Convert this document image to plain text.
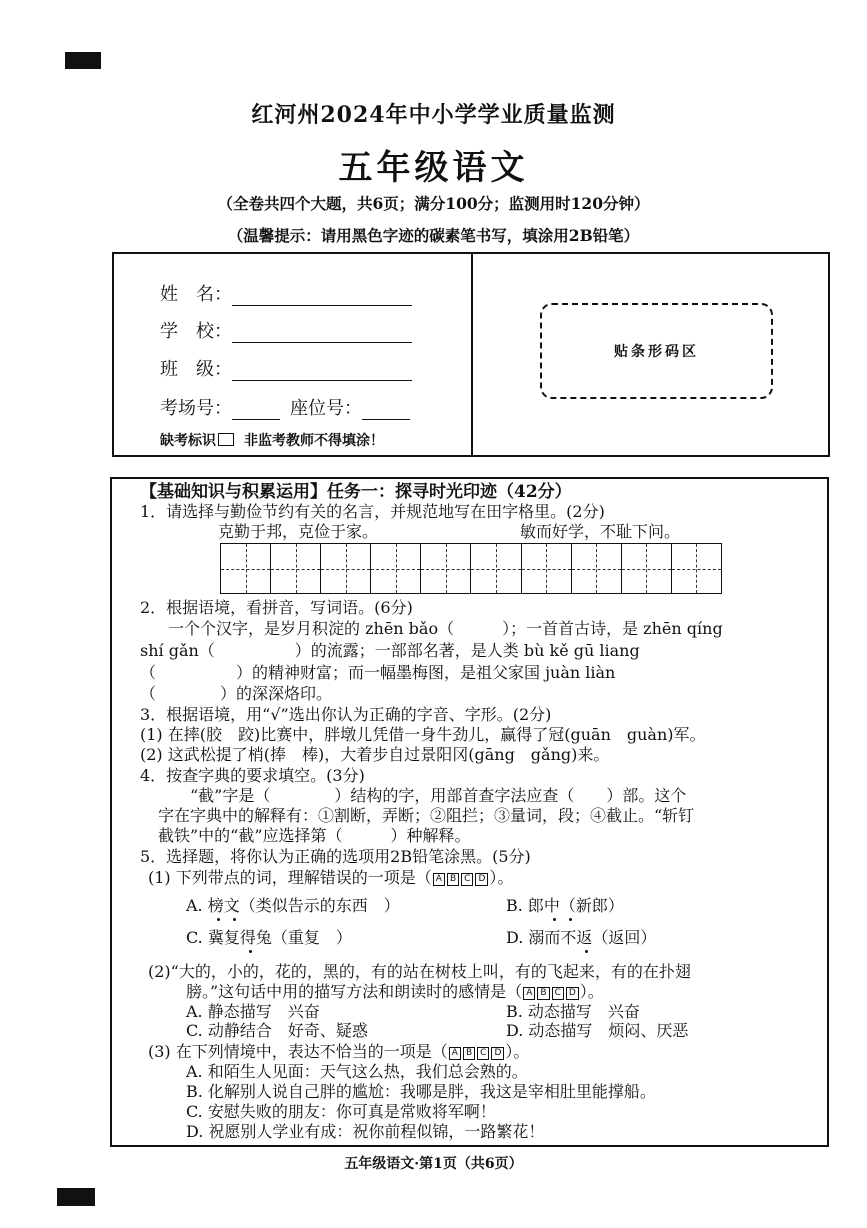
红河州2024年中小学学业质量监测
五年级语文
（全卷共四个大题，共6页；满分100分；监测用时120分钟）
（温馨提示：请用黑色字迹的碳素笔书写，填涂用2B铅笔）
姓　名：
学　校：
班　级：
考场号：	座位号：
缺考标识 非监考教师不得填涂！
贴条形码区
【基础知识与积累运用】任务一：探寻时光印迹（42分）
1．请选择与勤俭节约有关的名言，并规范地写在田字格里。(2分)
克勤于邦，克俭于家。	敏而好学，不耻下问。
2．根据语境，看拼音，写词语。(6分)
一个个汉字，是岁月积淀的 zhēn bǎo（　　　）；一首首古诗，是 zhēn qíng
shí gǎn（　　　　　）的流露；一部部名著，是人类 bù kě gū liang
（　　　　　）的精神财富；而一幅墨梅图，是祖父家国 juàn liàn
（　　　　）的深深烙印。
3．根据语境，用“√”选出你认为正确的字音、字形。(2分)
(1) 在摔(胶　跤)比赛中，胖墩儿凭借一身牛劲儿，赢得了冠(guān　guàn)军。
(2) 这武松提了梢(捧　棒)，大着步自过景阳冈(gāng　gǎng)来。
4．按查字典的要求填空。(3分)
“截”字是（　　　　）结构的字，用部首查字法应查（　　）部。这个
字在字典中的解释有：①割断，弄断；②阻拦；③量词，段；④截止。“斩钉
截铁”中的“截”应选择第（　　　）种解释。
5．选择题，将你认为正确的选项用2B铅笔涂黑。(5分)
(1) 下列带点的词，理解错误的一项是（ A B C D ）。
A. 榜文（类似告示的东西　）	B. 郎中（新郎）
C. 冀复得兔（重复　）	D. 溺而不返（返回）
(2)“大的，小的，花的，黑的，有的站在树枝上叫，有的飞起来，有的在扑翅
膀。”这句话中用的描写方法和朗读时的感情是（ A B C D ）。
A. 静态描写　兴奋	B. 动态描写　兴奋
C. 动静结合　好奇、疑惑	D. 动态描写　烦闷、厌恶
(3) 在下列情境中，表达不恰当的一项是（ A B C D ）。
A. 和陌生人见面：天气这么热，我们总会熟的。
B. 化解别人说自己胖的尴尬：我哪是胖，我这是宰相肚里能撑船。
C. 安慰失败的朋友：你可真是常败将军啊！
D. 祝愿别人学业有成：祝你前程似锦，一路繁花！
五年级语文·第1页（共6页）
